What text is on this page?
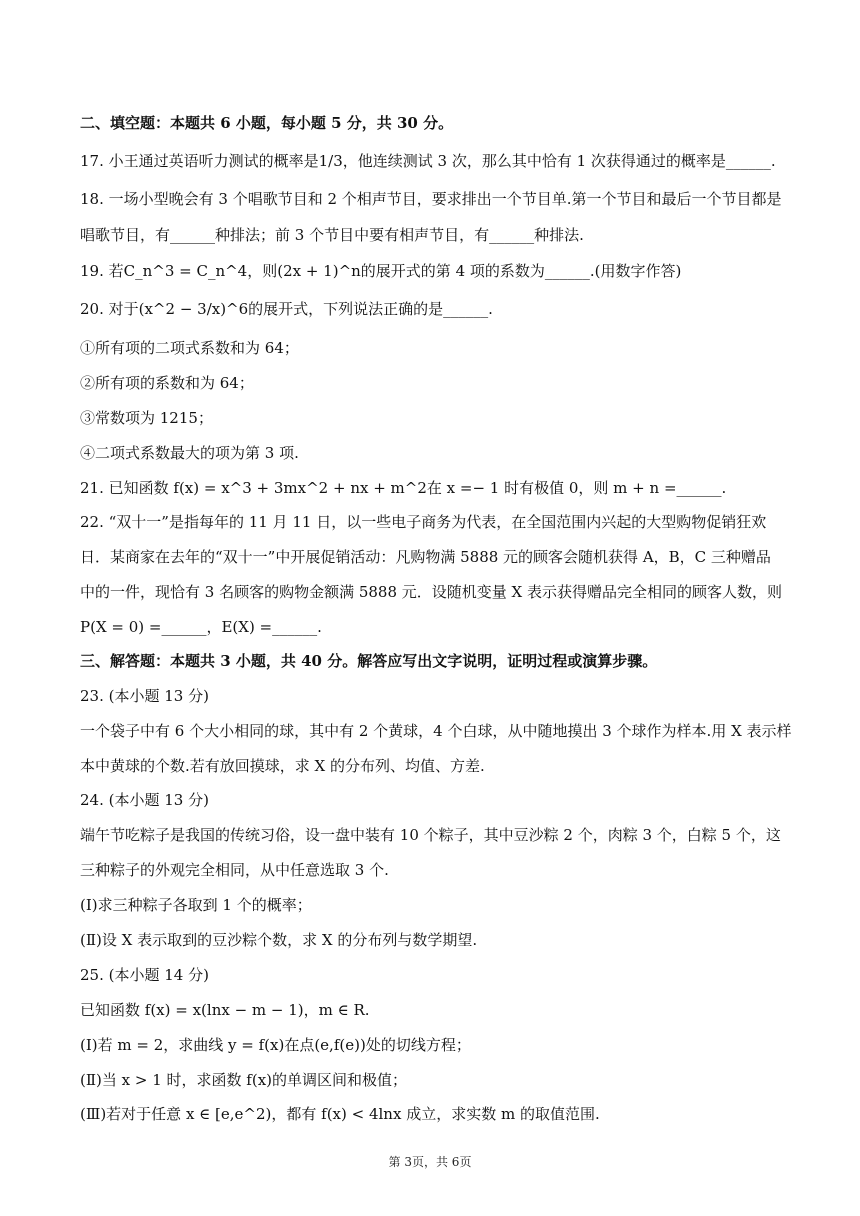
二、填空题：本题共 6 小题，每小题 5 分，共 30 分。
17. 小王通过英语听力测试的概率是1/3，他连续测试 3 次，那么其中恰有 1 次获得通过的概率是______.
18. 一场小型晚会有 3 个唱歌节目和 2 个相声节目，要求排出一个节目单.第一个节目和最后一个节目都是
唱歌节目，有______种排法；前 3 个节目中要有相声节目，有______种排法.
19. 若C_n^3 = C_n^4，则(2x + 1)^n的展开式的第 4 项的系数为______.(用数字作答)
20. 对于(x^2 − 3/x)^6的展开式，下列说法正确的是______.
①所有项的二项式系数和为 64；
②所有项的系数和为 64；
③常数项为 1215；
④二项式系数最大的项为第 3 项.
21. 已知函数 f(x) = x^3 + 3mx^2 + nx + m^2在 x =− 1 时有极值 0，则 m + n =______.
22. “双十一”是指每年的 11 月 11 日，以一些电子商务为代表，在全国范围内兴起的大型购物促销狂欢
日．某商家在去年的“双十一”中开展促销活动：凡购物满 5888 元的顾客会随机获得 A，B，C 三种赠品
中的一件，现恰有 3 名顾客的购物金额满 5888 元．设随机变量 X 表示获得赠品完全相同的顾客人数，则
P(X = 0) =______，E(X) =______.
三、解答题：本题共 3 小题，共 40 分。解答应写出文字说明，证明过程或演算步骤。
23. (本小题 13 分)
一个袋子中有 6 个大小相同的球，其中有 2 个黄球，4 个白球，从中随地摸出 3 个球作为样本.用 X 表示样
本中黄球的个数.若有放回摸球，求 X 的分布列、均值、方差.
24. (本小题 13 分)
端午节吃粽子是我国的传统习俗，设一盘中装有 10 个粽子，其中豆沙粽 2 个，肉粽 3 个，白粽 5 个，这
三种粽子的外观完全相同，从中任意选取 3 个.
(Ⅰ)求三种粽子各取到 1 个的概率；
(Ⅱ)设 X 表示取到的豆沙粽个数，求 X 的分布列与数学期望.
25. (本小题 14 分)
已知函数 f(x) = x(lnx − m − 1)，m ∈ R.
(Ⅰ)若 m = 2，求曲线 y = f(x)在点(e,f(e))处的切线方程；
(Ⅱ)当 x > 1 时，求函数 f(x)的单调区间和极值；
(Ⅲ)若对于任意 x ∈ [e,e^2)，都有 f(x) < 4lnx 成立，求实数 m 的取值范围.
第 3页，共 6页
